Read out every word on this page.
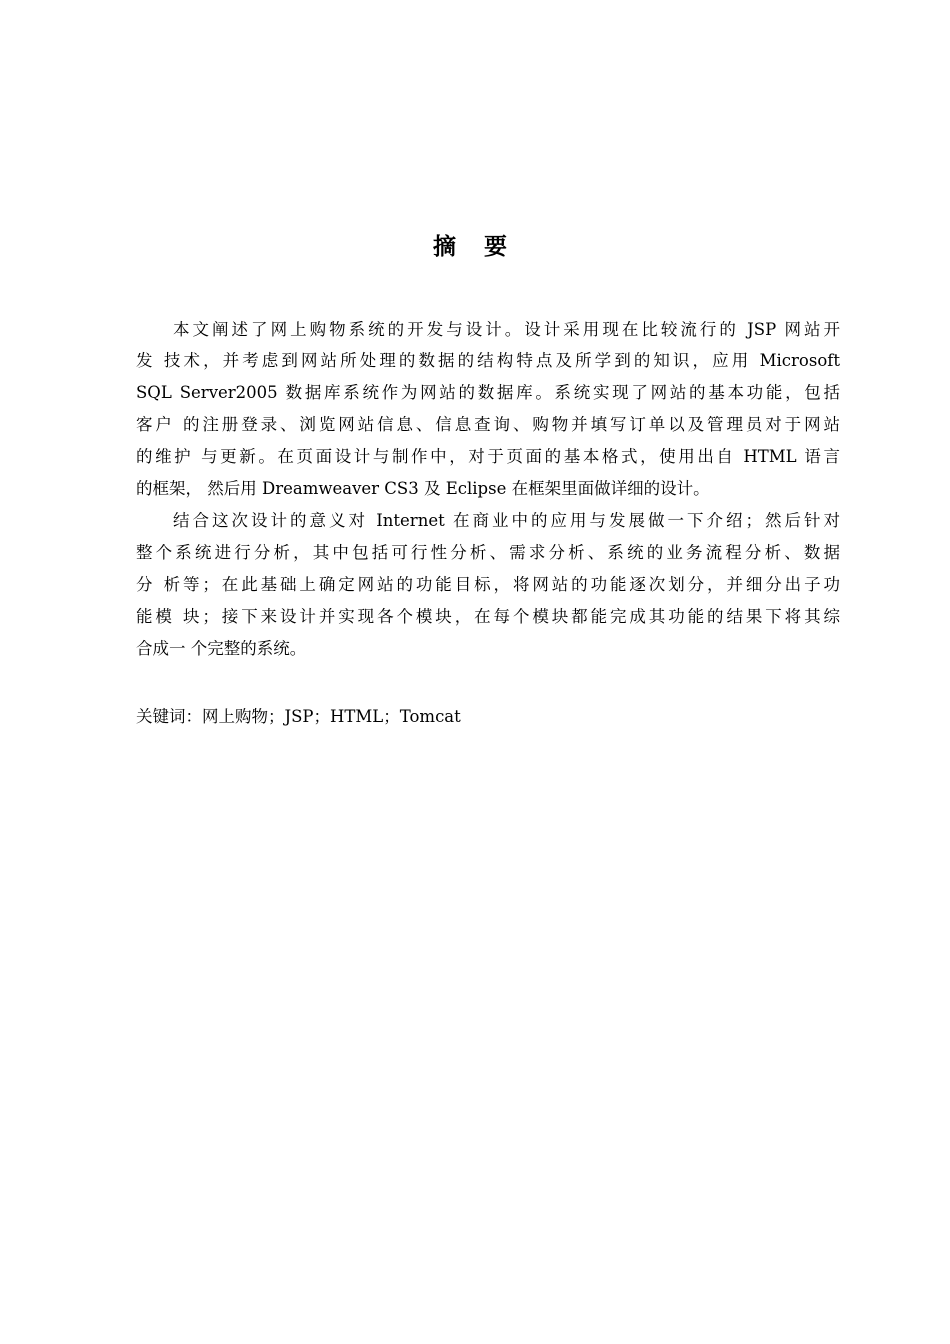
摘 要
本文阐述了网上购物系统的开发与设计。设计采用现在比较流行的 JSP 网站开
发 技术，并考虑到网站所处理的数据的结构特点及所学到的知识，应用 Microsoft
SQL Server2005 数据库系统作为网站的数据库。系统实现了网站的基本功能，包括
客户 的注册登录、浏览网站信息、信息查询、购物并填写订单以及管理员对于网站
的维护 与更新。在页面设计与制作中，对于页面的基本格式，使用出自 HTML 语言
的框架， 然后用 Dreamweaver CS3 及 Eclipse 在框架里面做详细的设计。
结合这次设计的意义对 Internet 在商业中的应用与发展做一下介绍；然后针对
整个系统进行分析，其中包括可行性分析、需求分析、系统的业务流程分析、数据
分 析等；在此基础上确定网站的功能目标，将网站的功能逐次划分，并细分出子功
能模 块；接下来设计并实现各个模块，在每个模块都能完成其功能的结果下将其综
合成一 个完整的系统。
关键词：网上购物；JSP；HTML；Tomcat
